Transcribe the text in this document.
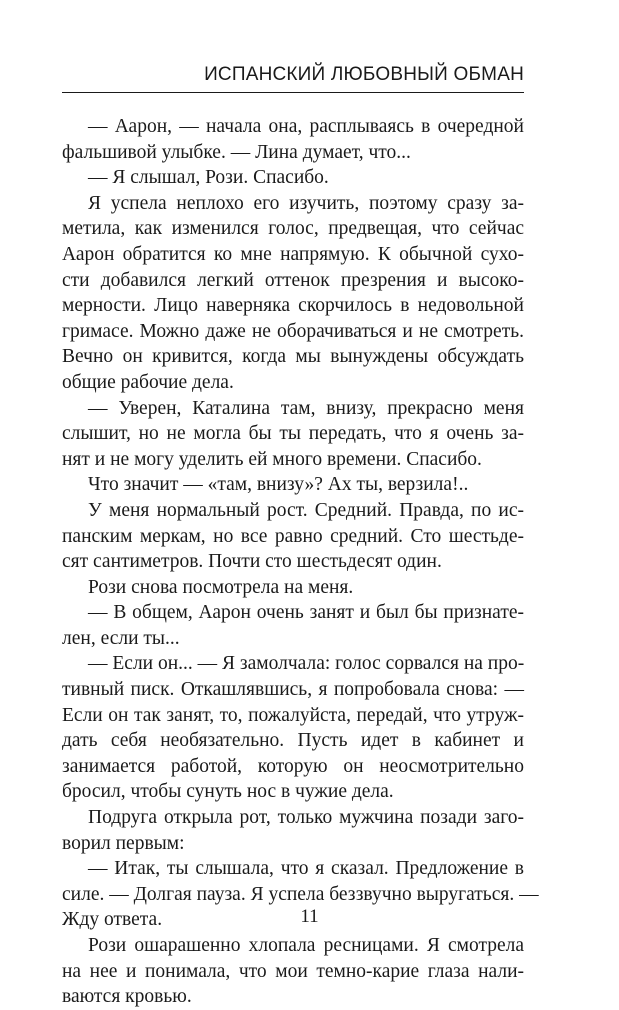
ИСПАНСКИЙ ЛЮБОВНЫЙ ОБМАН
— Аарон, — начала она, расплываясь в очередной
фальшивой улыбке. — Лина думает, что...
— Я слышал, Рози. Спасибо.
Я успела неплохо его изучить, поэтому сразу за-
метила, как изменился голос, предвещая, что сейчас
Аарон обратится ко мне напрямую. К обычной сухо-
сти добавился легкий оттенок презрения и высоко-
мерности. Лицо наверняка скорчилось в недовольной
гримасе. Можно даже не оборачиваться и не смотреть.
Вечно он кривится, когда мы вынуждены обсуждать
общие рабочие дела.
— Уверен, Каталина там, внизу, прекрасно меня
слышит, но не могла бы ты передать, что я очень за-
нят и не могу уделить ей много времени. Спасибо.
Что значит — «там, внизу»? Ах ты, верзила!..
У меня нормальный рост. Средний. Правда, по ис-
панским меркам, но все равно средний. Сто шестьде-
сят сантиметров. Почти сто шестьдесят один.
Рози снова посмотрела на меня.
— В общем, Аарон очень занят и был бы признате-
лен, если ты...
— Если он... — Я замолчала: голос сорвался на про-
тивный писк. Откашлявшись, я попробовала снова: —
Если он так занят, то, пожалуйста, передай, что утруж-
дать себя необязательно. Пусть идет в кабинет и
занимается работой, которую он неосмотрительно
бросил, чтобы сунуть нос в чужие дела.
Подруга открыла рот, только мужчина позади заго-
ворил первым:
— Итак, ты слышала, что я сказал. Предложение в
силе. — Долгая пауза. Я успела беззвучно выругаться. —
Жду ответа.
Рози ошарашенно хлопала ресницами. Я смотрела
на нее и понимала, что мои темно-карие глаза нали-
ваются кровью.
11
